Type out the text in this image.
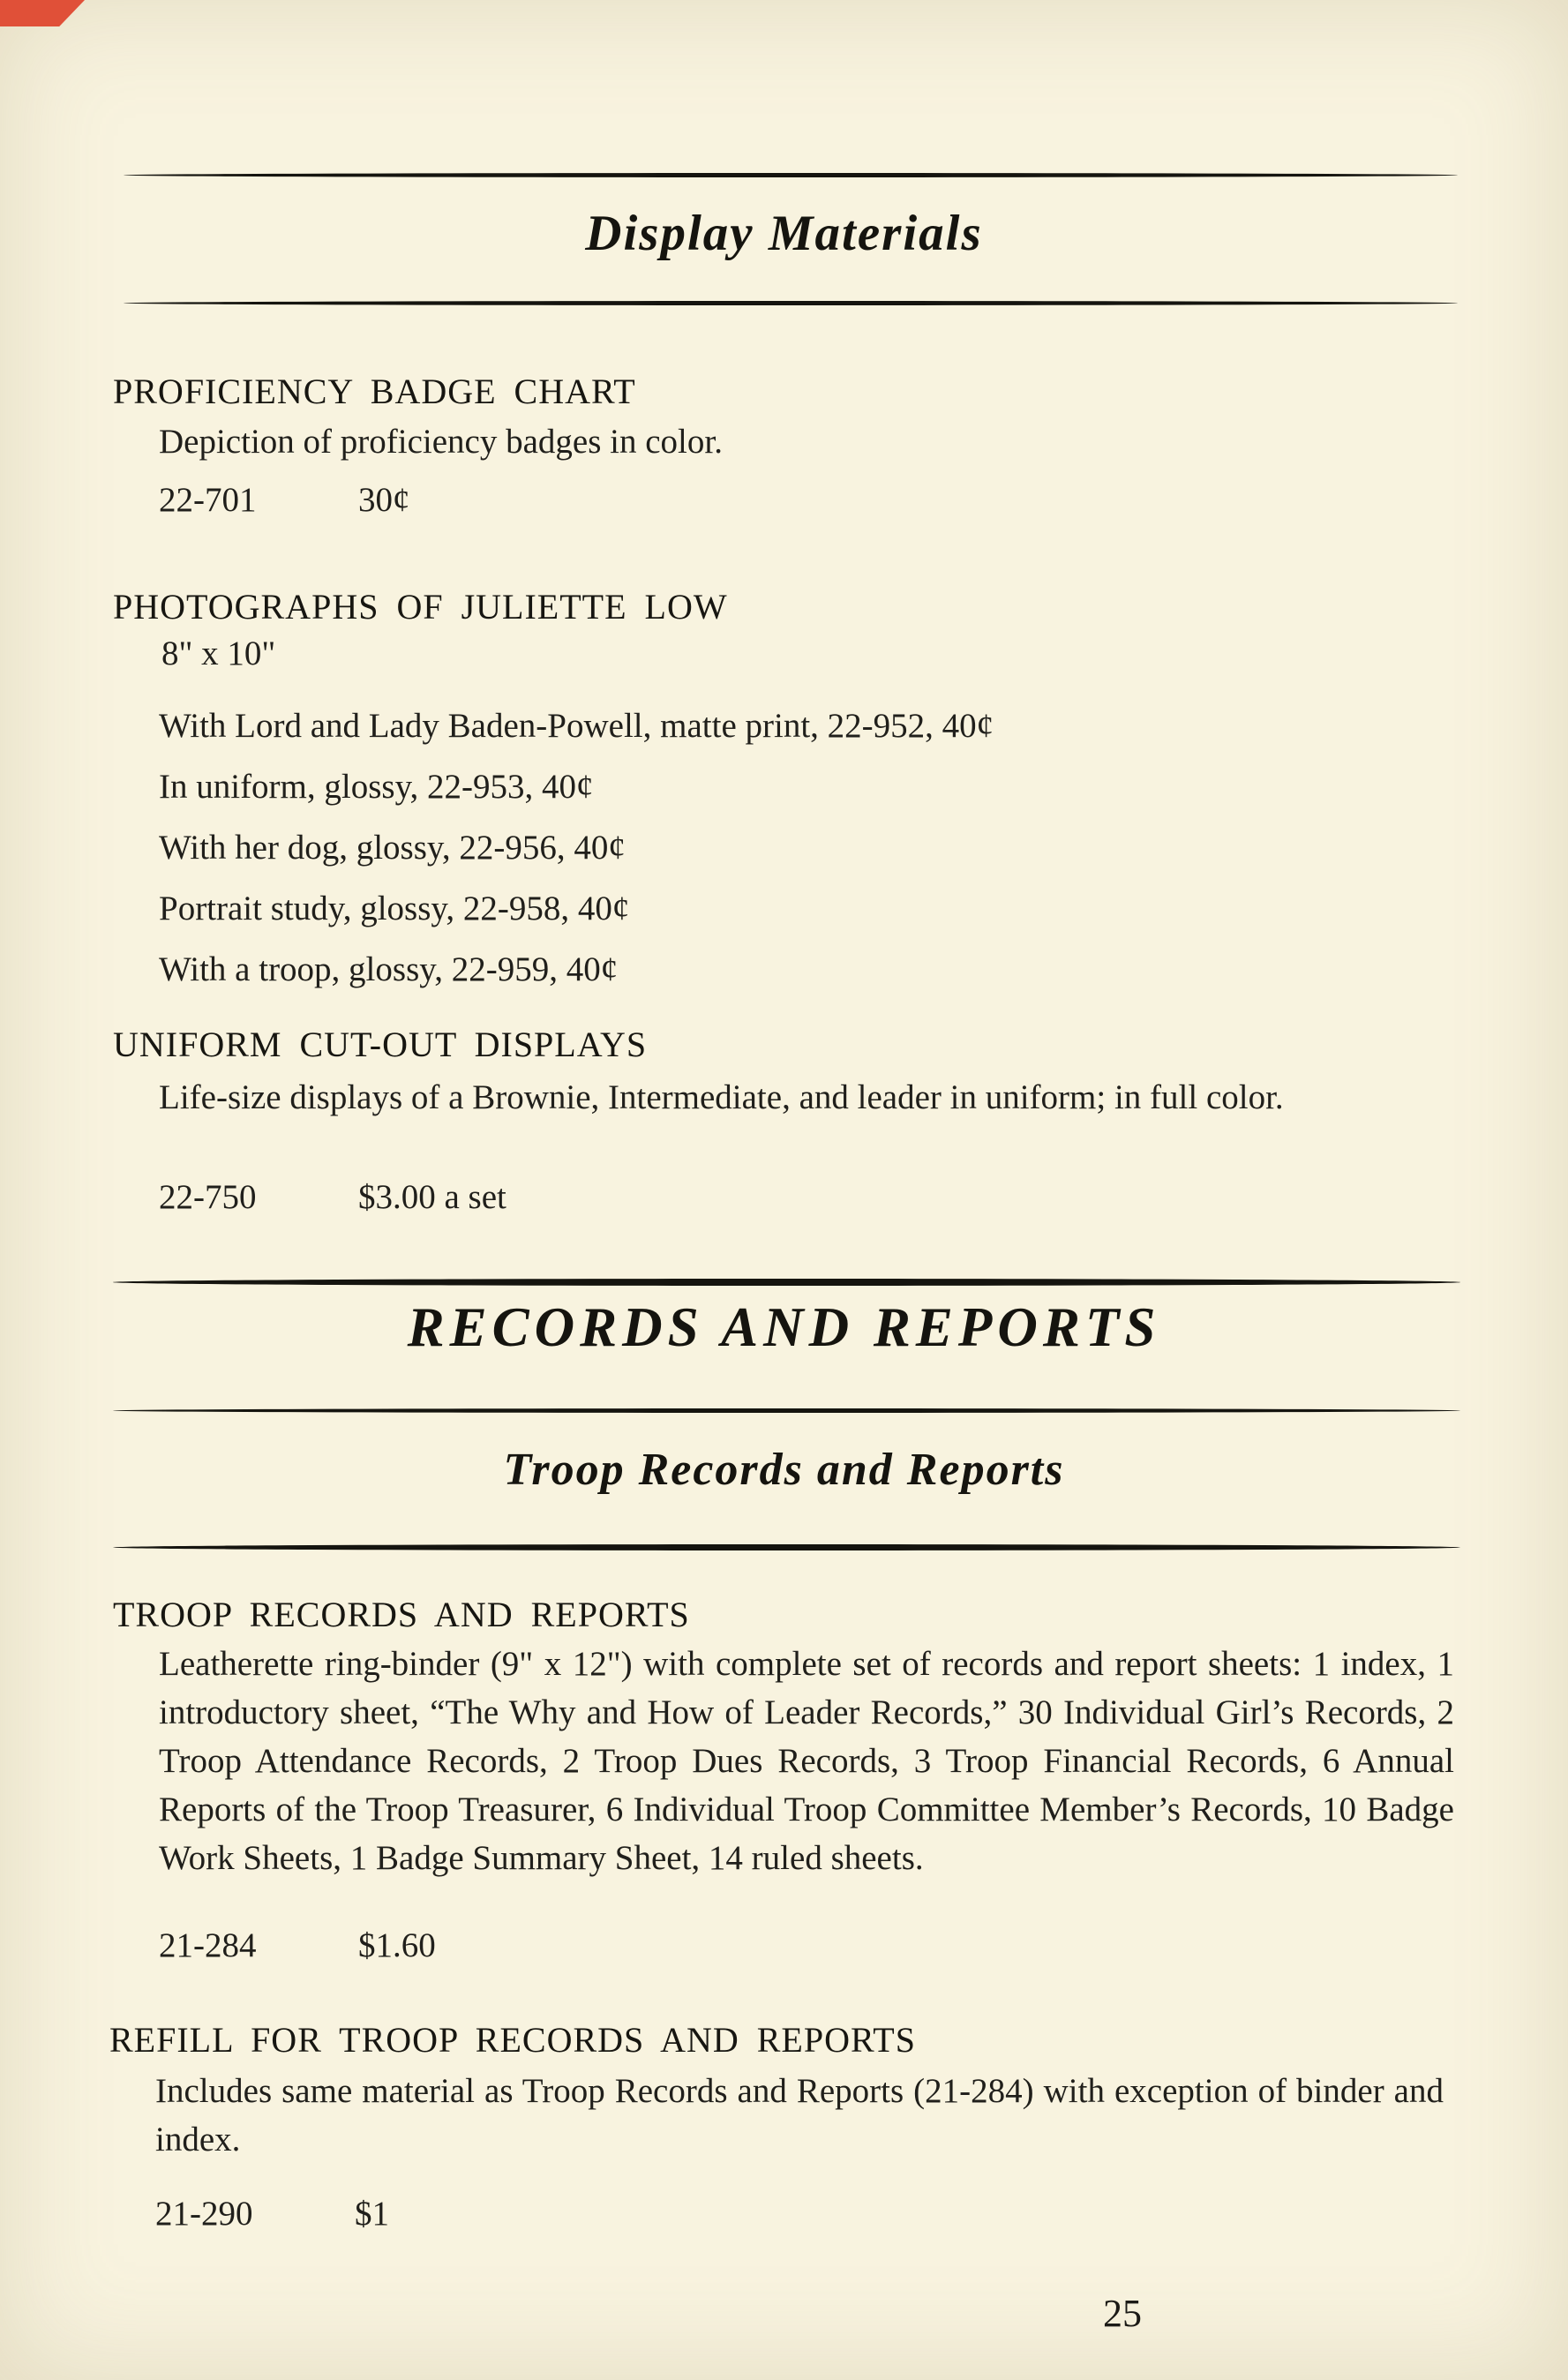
Display Materials
PROFICIENCY BADGE CHART
Depiction of proficiency badges in color.
22-701	30¢
PHOTOGRAPHS OF JULIETTE LOW
8" x 10"
With Lord and Lady Baden-Powell, matte print, 22-952, 40¢
In uniform, glossy, 22-953, 40¢
With her dog, glossy, 22-956, 40¢
Portrait study, glossy, 22-958, 40¢
With a troop, glossy, 22-959, 40¢
UNIFORM CUT-OUT DISPLAYS
Life-size displays of a Brownie, Intermediate, and leader in uniform; in full color.
22-750	$3.00 a set
RECORDS AND REPORTS
Troop Records and Reports
TROOP RECORDS AND REPORTS
Leatherette ring-binder (9" x 12") with complete set of records and report sheets: 1 index, 1 introductory sheet, “The Why and How of Leader Records,” 30 Individual Girl’s Records, 2 Troop Attendance Records, 2 Troop Dues Records, 3 Troop Financial Records, 6 Annual Reports of the Troop Treasurer, 6 Individual Troop Committee Member’s Records, 10 Badge Work Sheets, 1 Badge Summary Sheet, 14 ruled sheets.
21-284	$1.60
REFILL FOR TROOP RECORDS AND REPORTS
Includes same material as Troop Records and Reports (21-284) with exception of binder and index.
21-290	$1
25
